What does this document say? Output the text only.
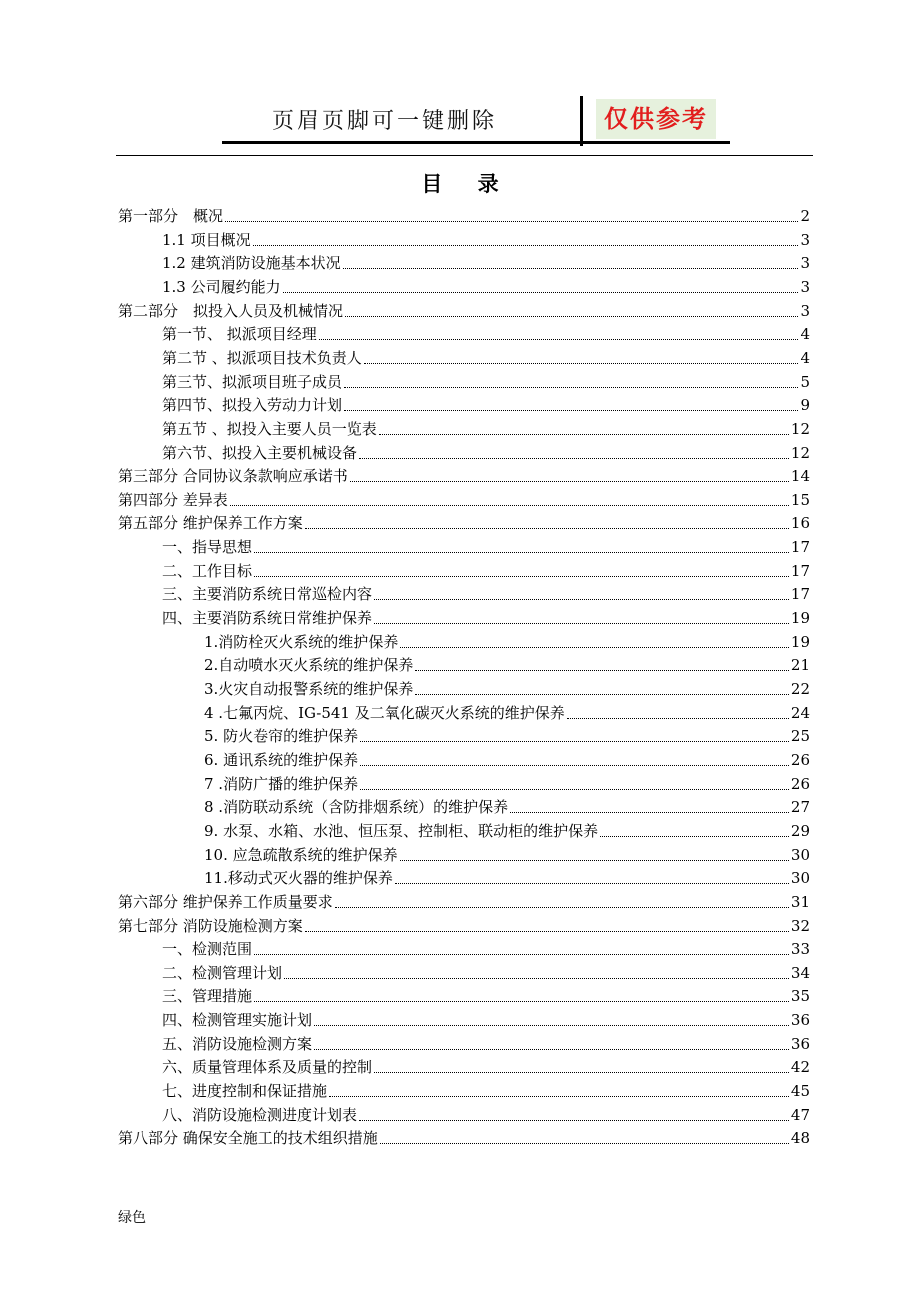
页眉页脚可一键删除	仅供参考
目 录
第一部分　概况	2
1.1 项目概况	3
1.2 建筑消防设施基本状况	3
1.3 公司履约能力	3
第二部分　拟投入人员及机械情况	3
第一节、 拟派项目经理	4
第二节 、拟派项目技术负责人	4
第三节、拟派项目班子成员	5
第四节、拟投入劳动力计划	9
第五节 、拟投入主要人员一览表	12
第六节、拟投入主要机械设备	12
第三部分 合同协议条款响应承诺书	14
第四部分 差异表	15
第五部分 维护保养工作方案	16
一、指导思想	17
二、工作目标	17
三、主要消防系统日常巡检内容	17
四、主要消防系统日常维护保养	19
1.消防栓灭火系统的维护保养	19
2.自动喷水灭火系统的维护保养	21
3.火灾自动报警系统的维护保养	22
4 .七氟丙烷、IG-541 及二氧化碳灭火系统的维护保养	24
5. 防火卷帘的维护保养	25
6. 通讯系统的维护保养	26
7 .消防广播的维护保养	26
8 .消防联动系统（含防排烟系统）的维护保养	27
9. 水泵、水箱、水池、恒压泵、控制柜、联动柜的维护保养	29
10. 应急疏散系统的维护保养	30
11.移动式灭火器的维护保养	30
第六部分 维护保养工作质量要求	31
第七部分 消防设施检测方案	32
一、检测范围	33
二、检测管理计划	34
三、管理措施	35
四、检测管理实施计划	36
五、消防设施检测方案	36
六、质量管理体系及质量的控制	42
七、进度控制和保证措施	45
八、消防设施检测进度计划表	47
第八部分 确保安全施工的技术组织措施	48
绿色
